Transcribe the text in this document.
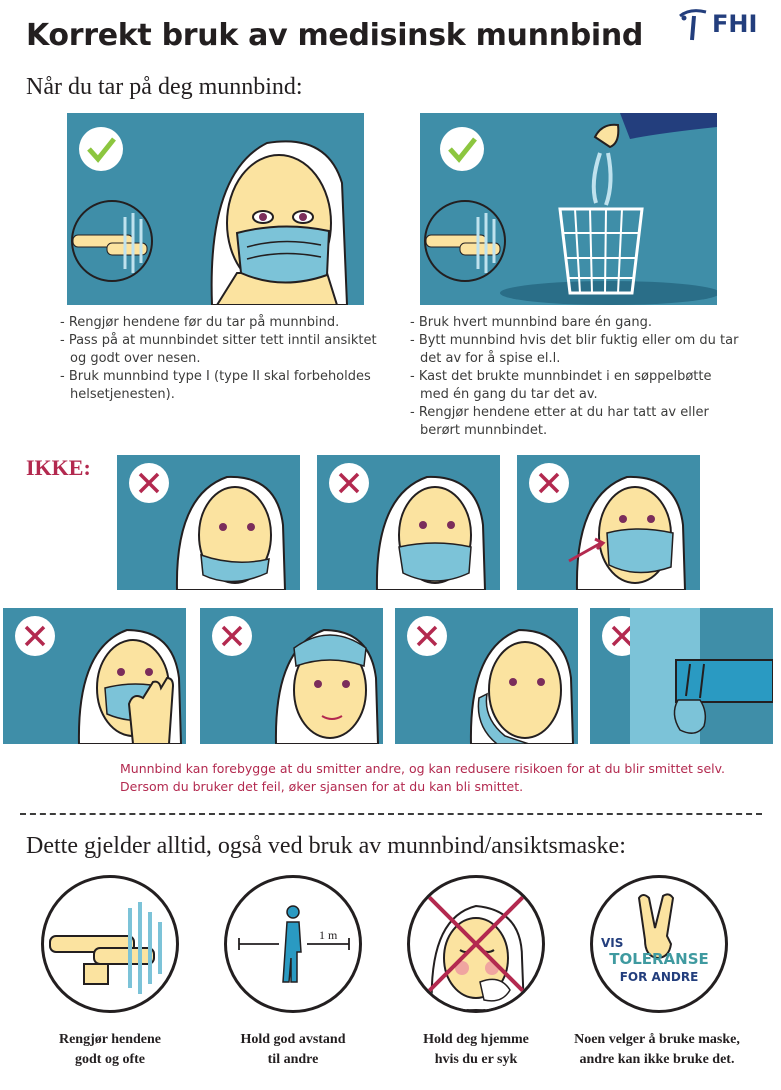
Korrekt bruk av medisinsk munnbind	FHI
Når du tar på deg munnbind:
- Rengjør hendene før du tar på munnbind.
- Pass på at munnbindet sitter tett inntil ansiktet og godt over nesen.
- Bruk munnbind type I (type II skal forbeholdes helsetjenesten).
- Bruk hvert munnbind bare én gang.
- Bytt munnbind hvis det blir fuktig eller om du tar det av for å spise el.l.
- Kast det brukte munnbindet i en søppelbøtte med én gang du tar det av.
- Rengjør hendene etter at du har tatt av eller berørt munnbindet.
IKKE:
Munnbind kan forebygge at du smitter andre, og kan redusere risikoen for at du blir smittet selv.
Dersom du bruker det feil, øker sjansen for at du kan bli smittet.
Dette gjelder alltid, også ved bruk av munnbind/ansiktsmaske:
1 m
VIS
TOLERANSE
FOR ANDRE
Rengjør hendene
godt og ofte
Hold god avstand
til andre
Hold deg hjemme
hvis du er syk
Noen velger å bruke maske,
andre kan ikke bruke det.
